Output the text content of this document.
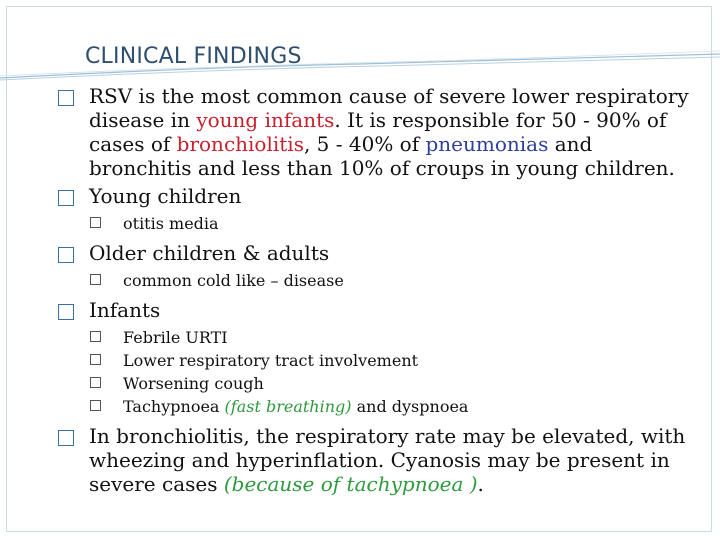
CLINICAL FINDINGS
RSV is the most common cause of severe lower respiratory disease in young infants. It is responsible for 50 - 90% of cases of bronchiolitis, 5 - 40% of pneumonias and bronchitis and less than 10% of croups in young children.
Young children
otitis media
Older children & adults
common cold like – disease
Infants
Febrile URTI
Lower respiratory tract involvement
Worsening cough
Tachypnoea (fast breathing) and dyspnoea
In bronchiolitis, the respiratory rate may be elevated, with wheezing and hyperinflation. Cyanosis may be present in severe cases (because of tachypnoea ).
